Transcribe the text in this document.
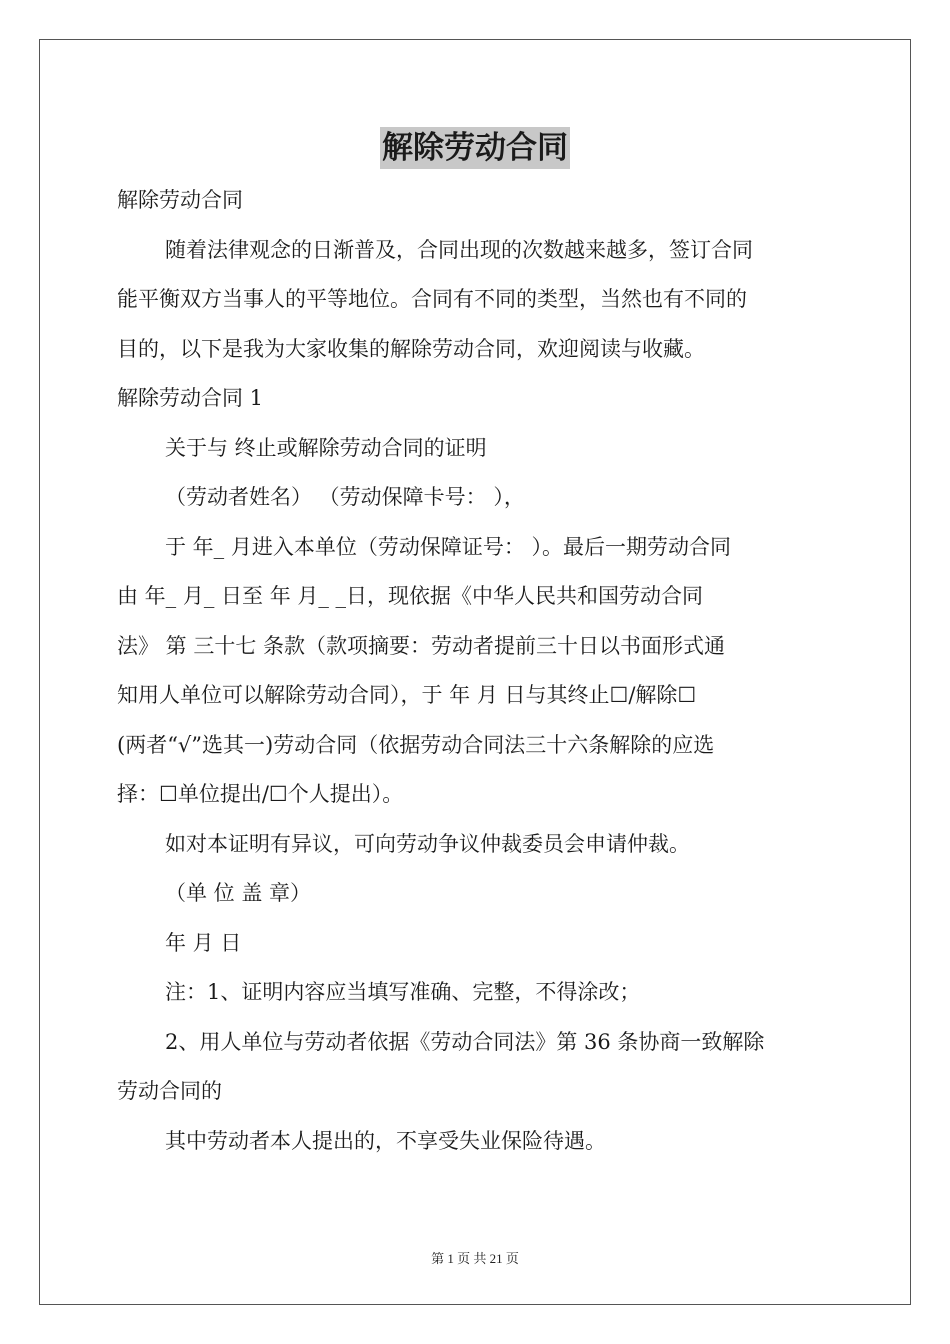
解除劳动合同

解除劳动合同

随着法律观念的日渐普及，合同出现的次数越来越多，签订合同

能平衡双方当事人的平等地位。合同有不同的类型，当然也有不同的

目的，以下是我为大家收集的解除劳动合同，欢迎阅读与收藏。

解除劳动合同 1

关于与 终止或解除劳动合同的证明

（劳动者姓名） （劳动保障卡号： ），

于 年_ 月进入本单位（劳动保障证号： ）。最后一期劳动合同

由 年_ 月_ 日至 年 月_ _日，现依据《中华人民共和国劳动合同

法》 第 三十七 条款（款项摘要：劳动者提前三十日以书面形式通

知用人单位可以解除劳动合同），于 年 月 日与其终止☐/解除☐

(两者“√”选其一)劳动合同（依据劳动合同法三十六条解除的应选

择：☐单位提出/☐个人提出）。

如对本证明有异议，可向劳动争议仲裁委员会申请仲裁。

（单 位 盖 章）

年 月 日

注：1、证明内容应当填写准确、完整，不得涂改；

2、用人单位与劳动者依据《劳动合同法》第 36 条协商一致解除

劳动合同的

其中劳动者本人提出的，不享受失业保险待遇。

第 1 页 共 21 页
